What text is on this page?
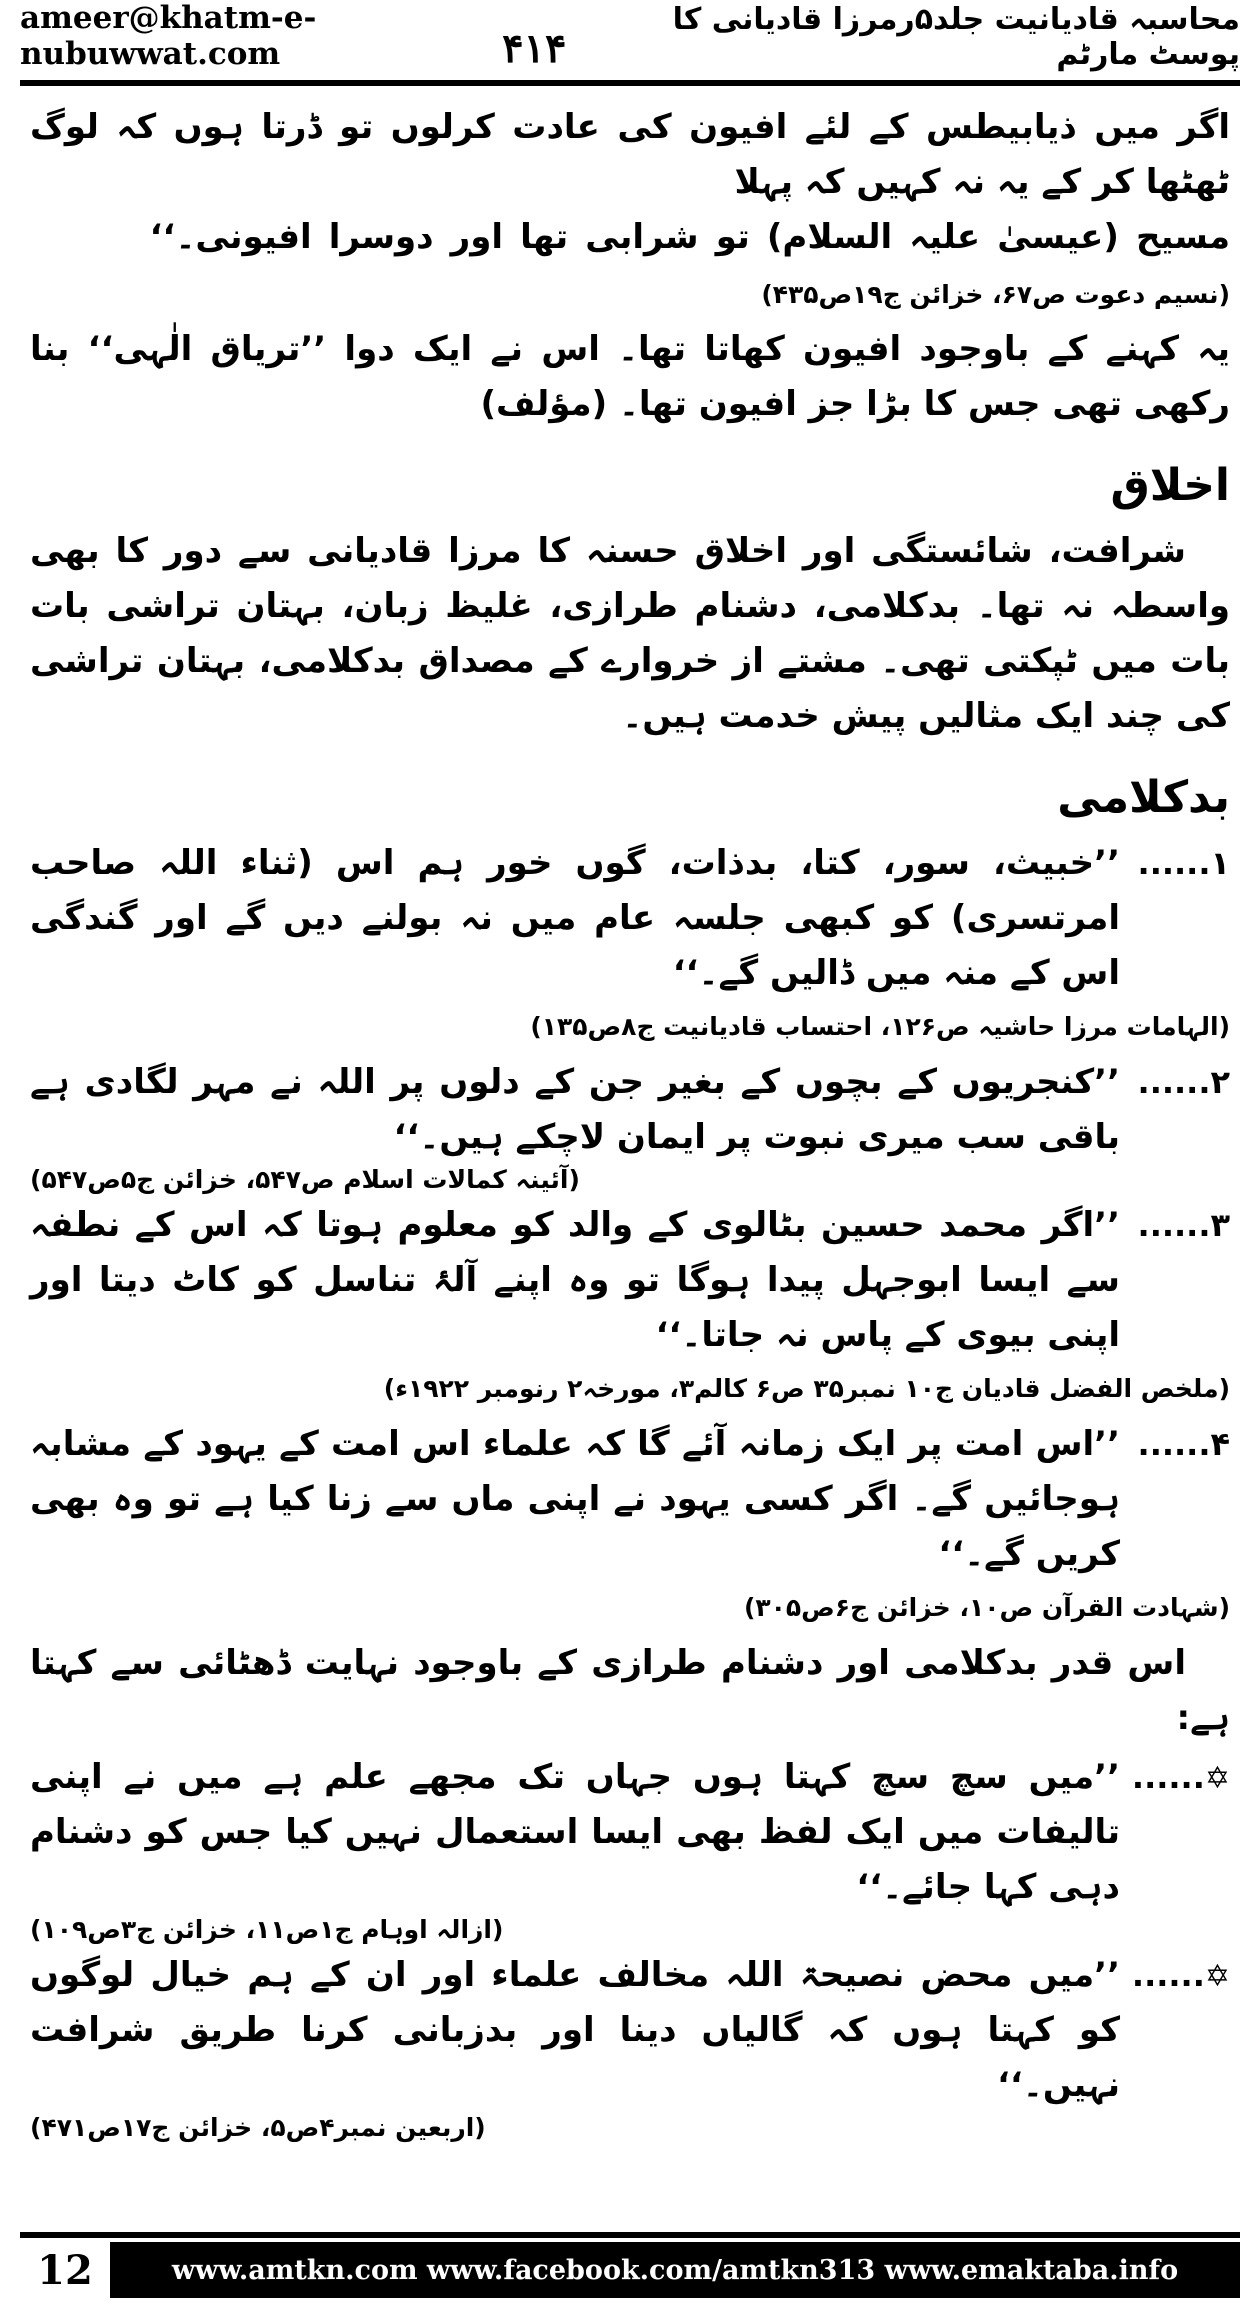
ameer@khatm-e-nubuwwat.com
محاسبہ قادیانیت جلد۵رمرزا قادیانی کا پوسٹ مارٹم
۴۱۴

اگر میں ذیابیطس کے لئے افیون کی عادت کرلوں تو ڈرتا ہوں کہ لوگ ٹھٹھا کر کے یہ نہ کہیں کہ پہلا

مسیح (عیسیٰ علیہ السلام) تو شرابی تھا اور دوسرا افیونی۔‘‘        (نسیم دعوت ص۶۷، خزائن ج۱۹ص۴۳۵)

یہ کہنے کے باوجود افیون کھاتا تھا۔ اس نے ایک دوا ’’تریاق الٰہی‘‘ بنا رکھی تھی جس کا بڑا جز افیون تھا۔ (مؤلف)

اخلاق

شرافت، شائستگی اور اخلاق حسنہ کا مرزا قادیانی سے دور کا بھی واسطہ نہ تھا۔ بدکلامی، دشنام طرازی، غلیظ زبان، بہتان تراشی بات بات میں ٹپکتی تھی۔ مشتے از خروارے کے مصداق بدکلامی، بہتان تراشی کی چند ایک مثالیں پیش خدمت ہیں۔

بدکلامی
۱......

’’خبیث، سور، کتا، بدذات، گوں خور ہم اس (ثناء اللہ صاحب امرتسری) کو کبھی جلسہ عام میں نہ بولنے دیں گے اور گندگی اس کے منہ میں ڈالیں گے۔‘‘

(الہامات مرزا حاشیہ ص۱۲۶، احتساب قادیانیت ج۸ص۱۳۵)
۲......

’’کنجریوں کے بچوں کے بغیر جن کے دلوں پر اللہ نے مہر لگادی ہے باقی سب میری نبوت پر ایمان لاچکے ہیں۔‘‘

(آئینہ کمالات اسلام ص۵۴۷، خزائن ج۵ص۵۴۷)
۳......

’’اگر محمد حسین بٹالوی کے والد کو معلوم ہوتا کہ اس کے نطفہ سے ایسا ابوجہل پیدا ہوگا تو وہ اپنے آلۂ تناسل کو کاٹ دیتا اور اپنی بیوی کے پاس نہ جاتا۔‘‘

(ملخص الفضل قادیان ج۱۰ نمبر۳۵ ص۶ کالم۳، مورخہ۲ رنومبر ۱۹۲۲ء)
۴......

’’اس امت پر ایک زمانہ آئے گا کہ علماء اس امت کے یہود کے مشابہ ہوجائیں گے۔ اگر کسی یہود نے اپنی ماں سے زنا کیا ہے تو وہ بھی کریں گے۔‘‘

(شہادت القرآن ص۱۰، خزائن ج۶ص۳۰۵)

اس قدر بدکلامی اور دشنام طرازی کے باوجود نہایت ڈھٹائی سے کہتا ہے:

✡......

’’میں سچ سچ کہتا ہوں جہاں تک مجھے علم ہے میں نے اپنی تالیفات میں ایک لفظ بھی ایسا استعمال نہیں کیا جس کو دشنام دہی کہا جائے۔‘‘

(ازالہ اوہام ج۱ص۱۱، خزائن ج۳ص۱۰۹)
✡......

’’میں محض نصیحۃ اللہ مخالف علماء اور ان کے ہم خیال لوگوں کو کہتا ہوں کہ گالیاں دینا اور بدزبانی کرنا طریق شرافت نہیں۔‘‘

(اربعین نمبر۴ص۵، خزائن ج۱۷ص۴۷۱)
12	www.amtkn.com www.facebook.com/amtkn313 www.emaktaba.info
